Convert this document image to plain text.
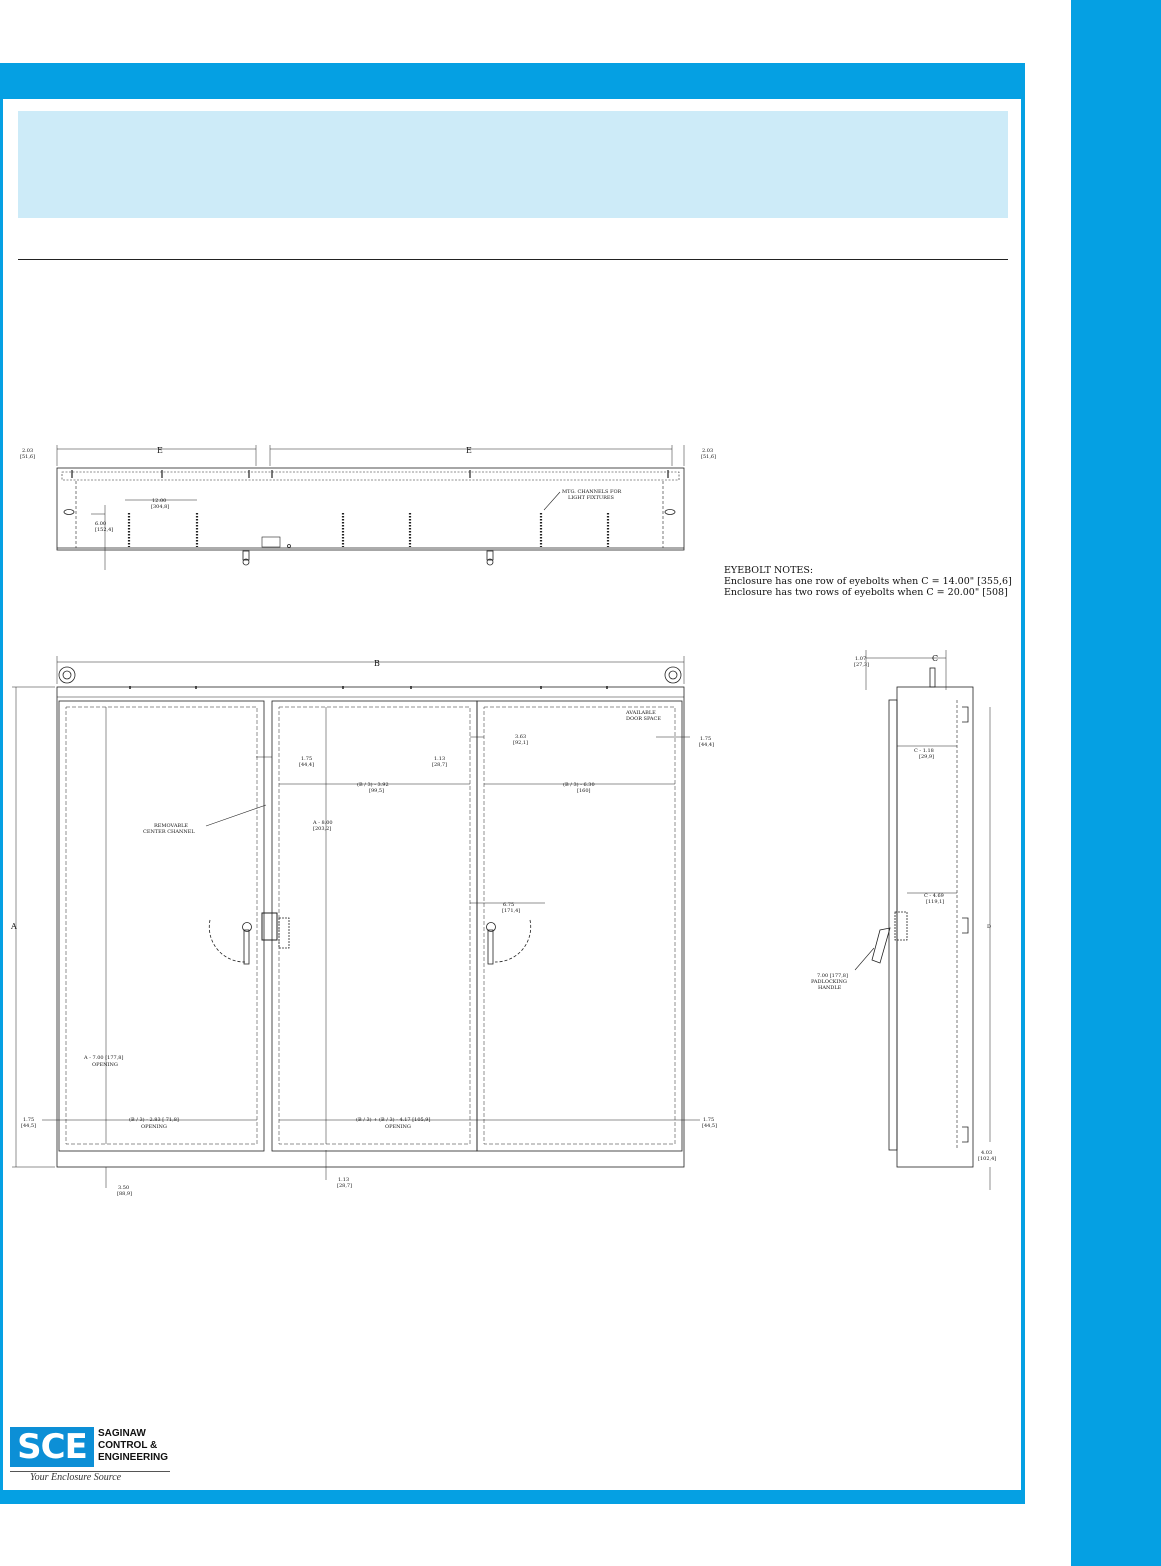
2.03
[51,6]
2.03
[51,6]
E	E
12.00
[304,8]
6.00
[152,4]
MTG. CHANNELS FOR
LIGHT FIXTURES
B
A
AVAILABLE
DOOR SPACE
1.75
[44,4]
1.13
[28,7]
3.63
[92,1]
1.75
[44,4]
(B / 3) - 3.92
[99,5]
(B / 3) - 6.30
[160]
REMOVABLE
CENTER CHANNEL
A - 8.00
[203,2]
6.75
[171,4]
A - 7.00 [177,8]
OPENING
1.75
[44,5]
(B / 3) - 2.83 [ 71,8]
OPENING
(B / 3) + (B / 3) - 4.17 [105,9]
OPENING
1.75
[44,5]
3.50
[88,9]
1.13
[28,7]
1.07
[27,3]
C
C - 1.18
[29,9]
C - 4.69
[119,1]
D
7.00 [177,8]
PADLOCKING
HANDLE
4.03
[102,4]
EYEBOLT NOTES:
Enclosure has one row of eyebolts when C = 14.00" [355,6]
Enclosure has two rows of eyebolts when C = 20.00" [508]
SCE	SAGINAW
CONTROL &
ENGINEERING
Your Enclosure Source
